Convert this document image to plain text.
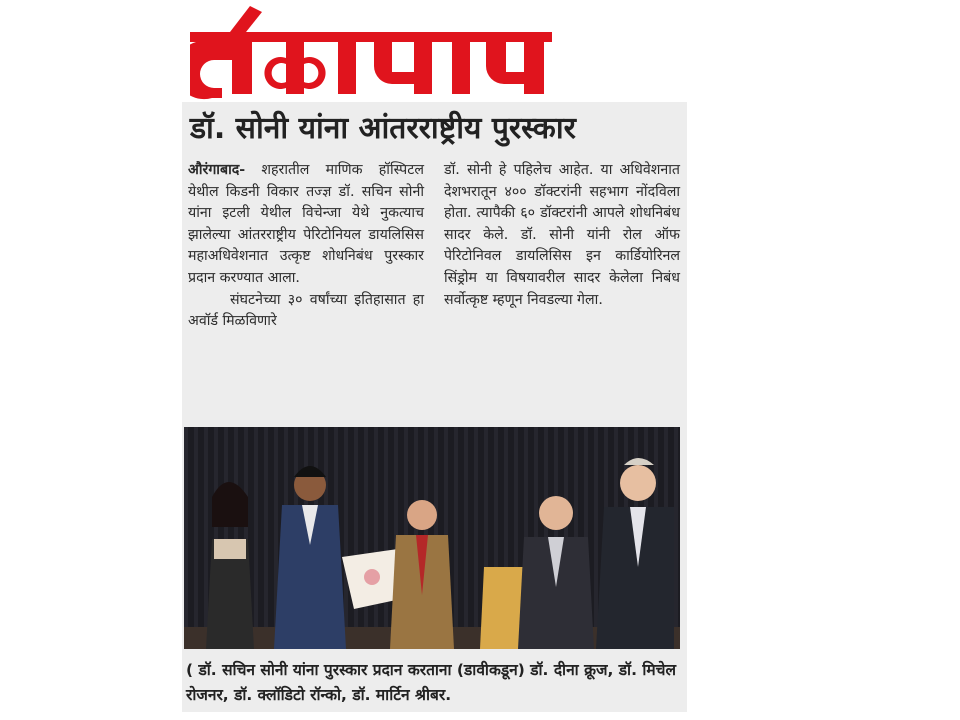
डॉ. सोनी यांना आंतरराष्ट्रीय पुरस्कार

औरंगाबाद- शहरातील माणिक हॉस्पिटल येथील किडनी विकार तज्ज्ञ डॉ. सचिन सोनी यांना इटली येथील विचेन्जा येथे नुकत्याच झालेल्या आंतरराष्ट्रीय पेरिटोनियल डायलिसिस महाअधिवेशनात उत्कृष्ट शोधनिबंध पुरस्कार प्रदान करण्यात आला.

संघटनेच्या ३० वर्षांच्या इतिहासात हा अवॉर्ड मिळविणारे

डॉ. सोनी हे पहिलेच आहेत. या अधिवेशनात देशभरातून ४०० डॉक्टरांनी सहभाग नोंदविला होता. त्यापैकी ६० डॉक्टरांनी आपले शोधनिबंध सादर केले. डॉ. सोनी यांनी रोल ऑफ पेरिटोनिवल डायलिसिस इन कार्डियोरिनल सिंड्रोम या विषयावरील सादर केलेला निबंध सर्वोत्कृष्ट म्हणून निवडल्या गेला.

( डॉ. सचिन सोनी यांना पुरस्कार प्रदान करताना (डावीकडून) डॉ. दीना क्रूज, डॉ. मिचेल रोजनर, डॉ. क्लॉडिटो रॉन्को, डॉ. मार्टिन श्रीबर.
